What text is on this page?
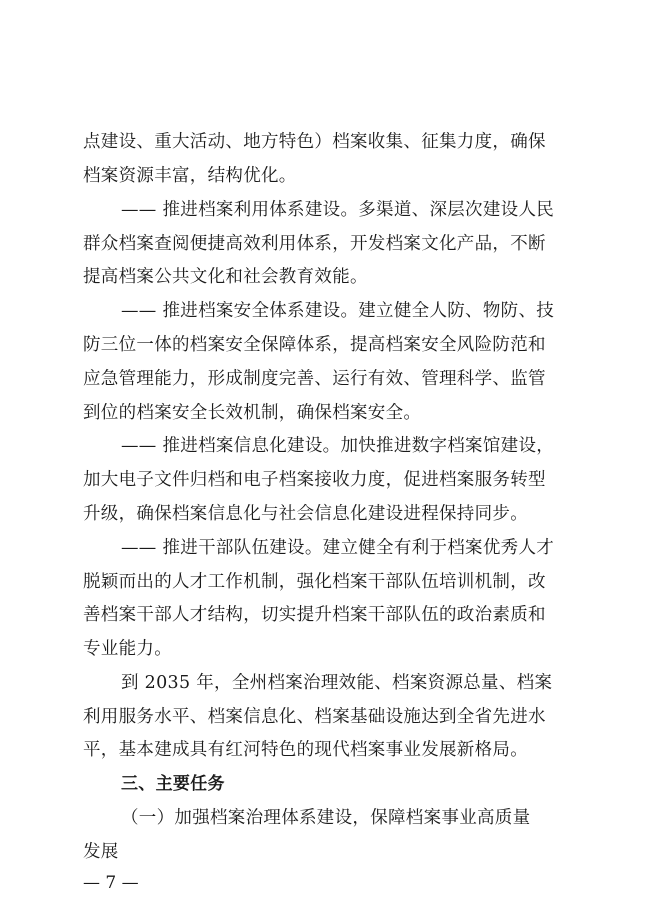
点建设、重大活动、地方特色）档案收集、征集力度，确保
档案资源丰富，结构优化。
—— 推进档案利用体系建设。多渠道、深层次建设人民
群众档案查阅便捷高效利用体系，开发档案文化产品，不断
提高档案公共文化和社会教育效能。
—— 推进档案安全体系建设。建立健全人防、物防、技
防三位一体的档案安全保障体系，提高档案安全风险防范和
应急管理能力，形成制度完善、运行有效、管理科学、监管
到位的档案安全长效机制，确保档案安全。
—— 推进档案信息化建设。加快推进数字档案馆建设，
加大电子文件归档和电子档案接收力度，促进档案服务转型
升级，确保档案信息化与社会信息化建设进程保持同步。
—— 推进干部队伍建设。建立健全有利于档案优秀人才
脱颖而出的人才工作机制，强化档案干部队伍培训机制，改
善档案干部人才结构，切实提升档案干部队伍的政治素质和
专业能力。
到 2035 年，全州档案治理效能、档案资源总量、档案
利用服务水平、档案信息化、档案基础设施达到全省先进水
平，基本建成具有红河特色的现代档案事业发展新格局。
三、主要任务
（一）加强档案治理体系建设，保障档案事业高质量
发展
— 7 —
